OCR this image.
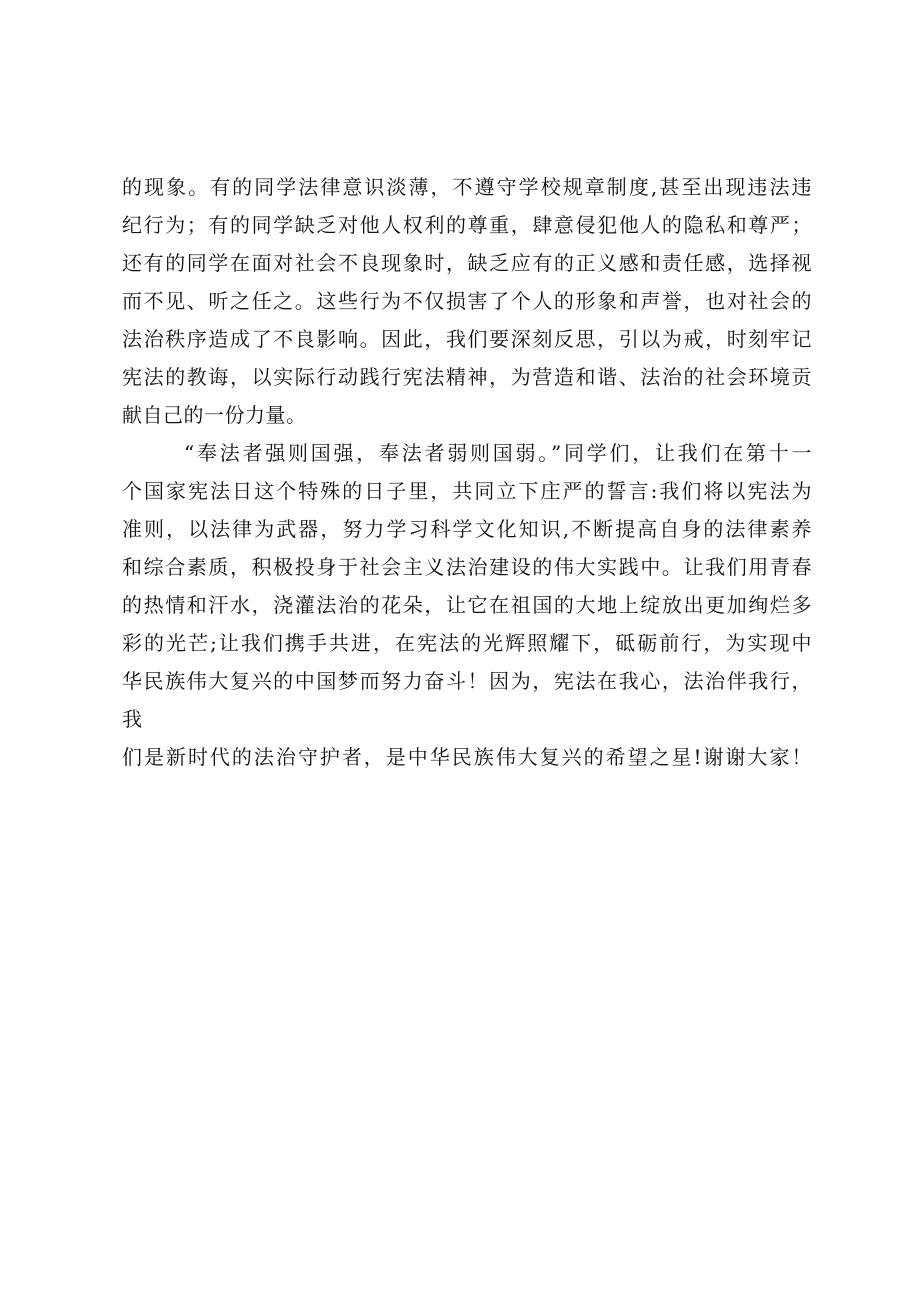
的现象。有的同学法律意识淡薄，不遵守学校规章制度,甚至出现违法违
纪行为；有的同学缺乏对他人权利的尊重，肆意侵犯他人的隐私和尊严；
还有的同学在面对社会不良现象时，缺乏应有的正义感和责任感，选择视
而不见、听之任之。这些行为不仅损害了个人的形象和声誉，也对社会的
法治秩序造成了不良影响。因此，我们要深刻反思，引以为戒，时刻牢记
宪法的教诲，以实际行动践行宪法精神，为营造和谐、法治的社会环境贡
献自己的一份力量。
“奉法者强则国强，奉法者弱则国弱。”同学们，让我们在第十一
个国家宪法日这个特殊的日子里，共同立下庄严的誓言:我们将以宪法为
准则，以法律为武器，努力学习科学文化知识,不断提高自身的法律素养
和综合素质，积极投身于社会主义法治建设的伟大实践中。让我们用青春
的热情和汗水，浇灌法治的花朵，让它在祖国的大地上绽放出更加绚烂多
彩的光芒;让我们携手共进，在宪法的光辉照耀下，砥砺前行，为实现中
华民族伟大复兴的中国梦而努力奋斗！因为，宪法在我心，法治伴我行，
我
们是新时代的法治守护者，是中华民族伟大复兴的希望之星!谢谢大家！
